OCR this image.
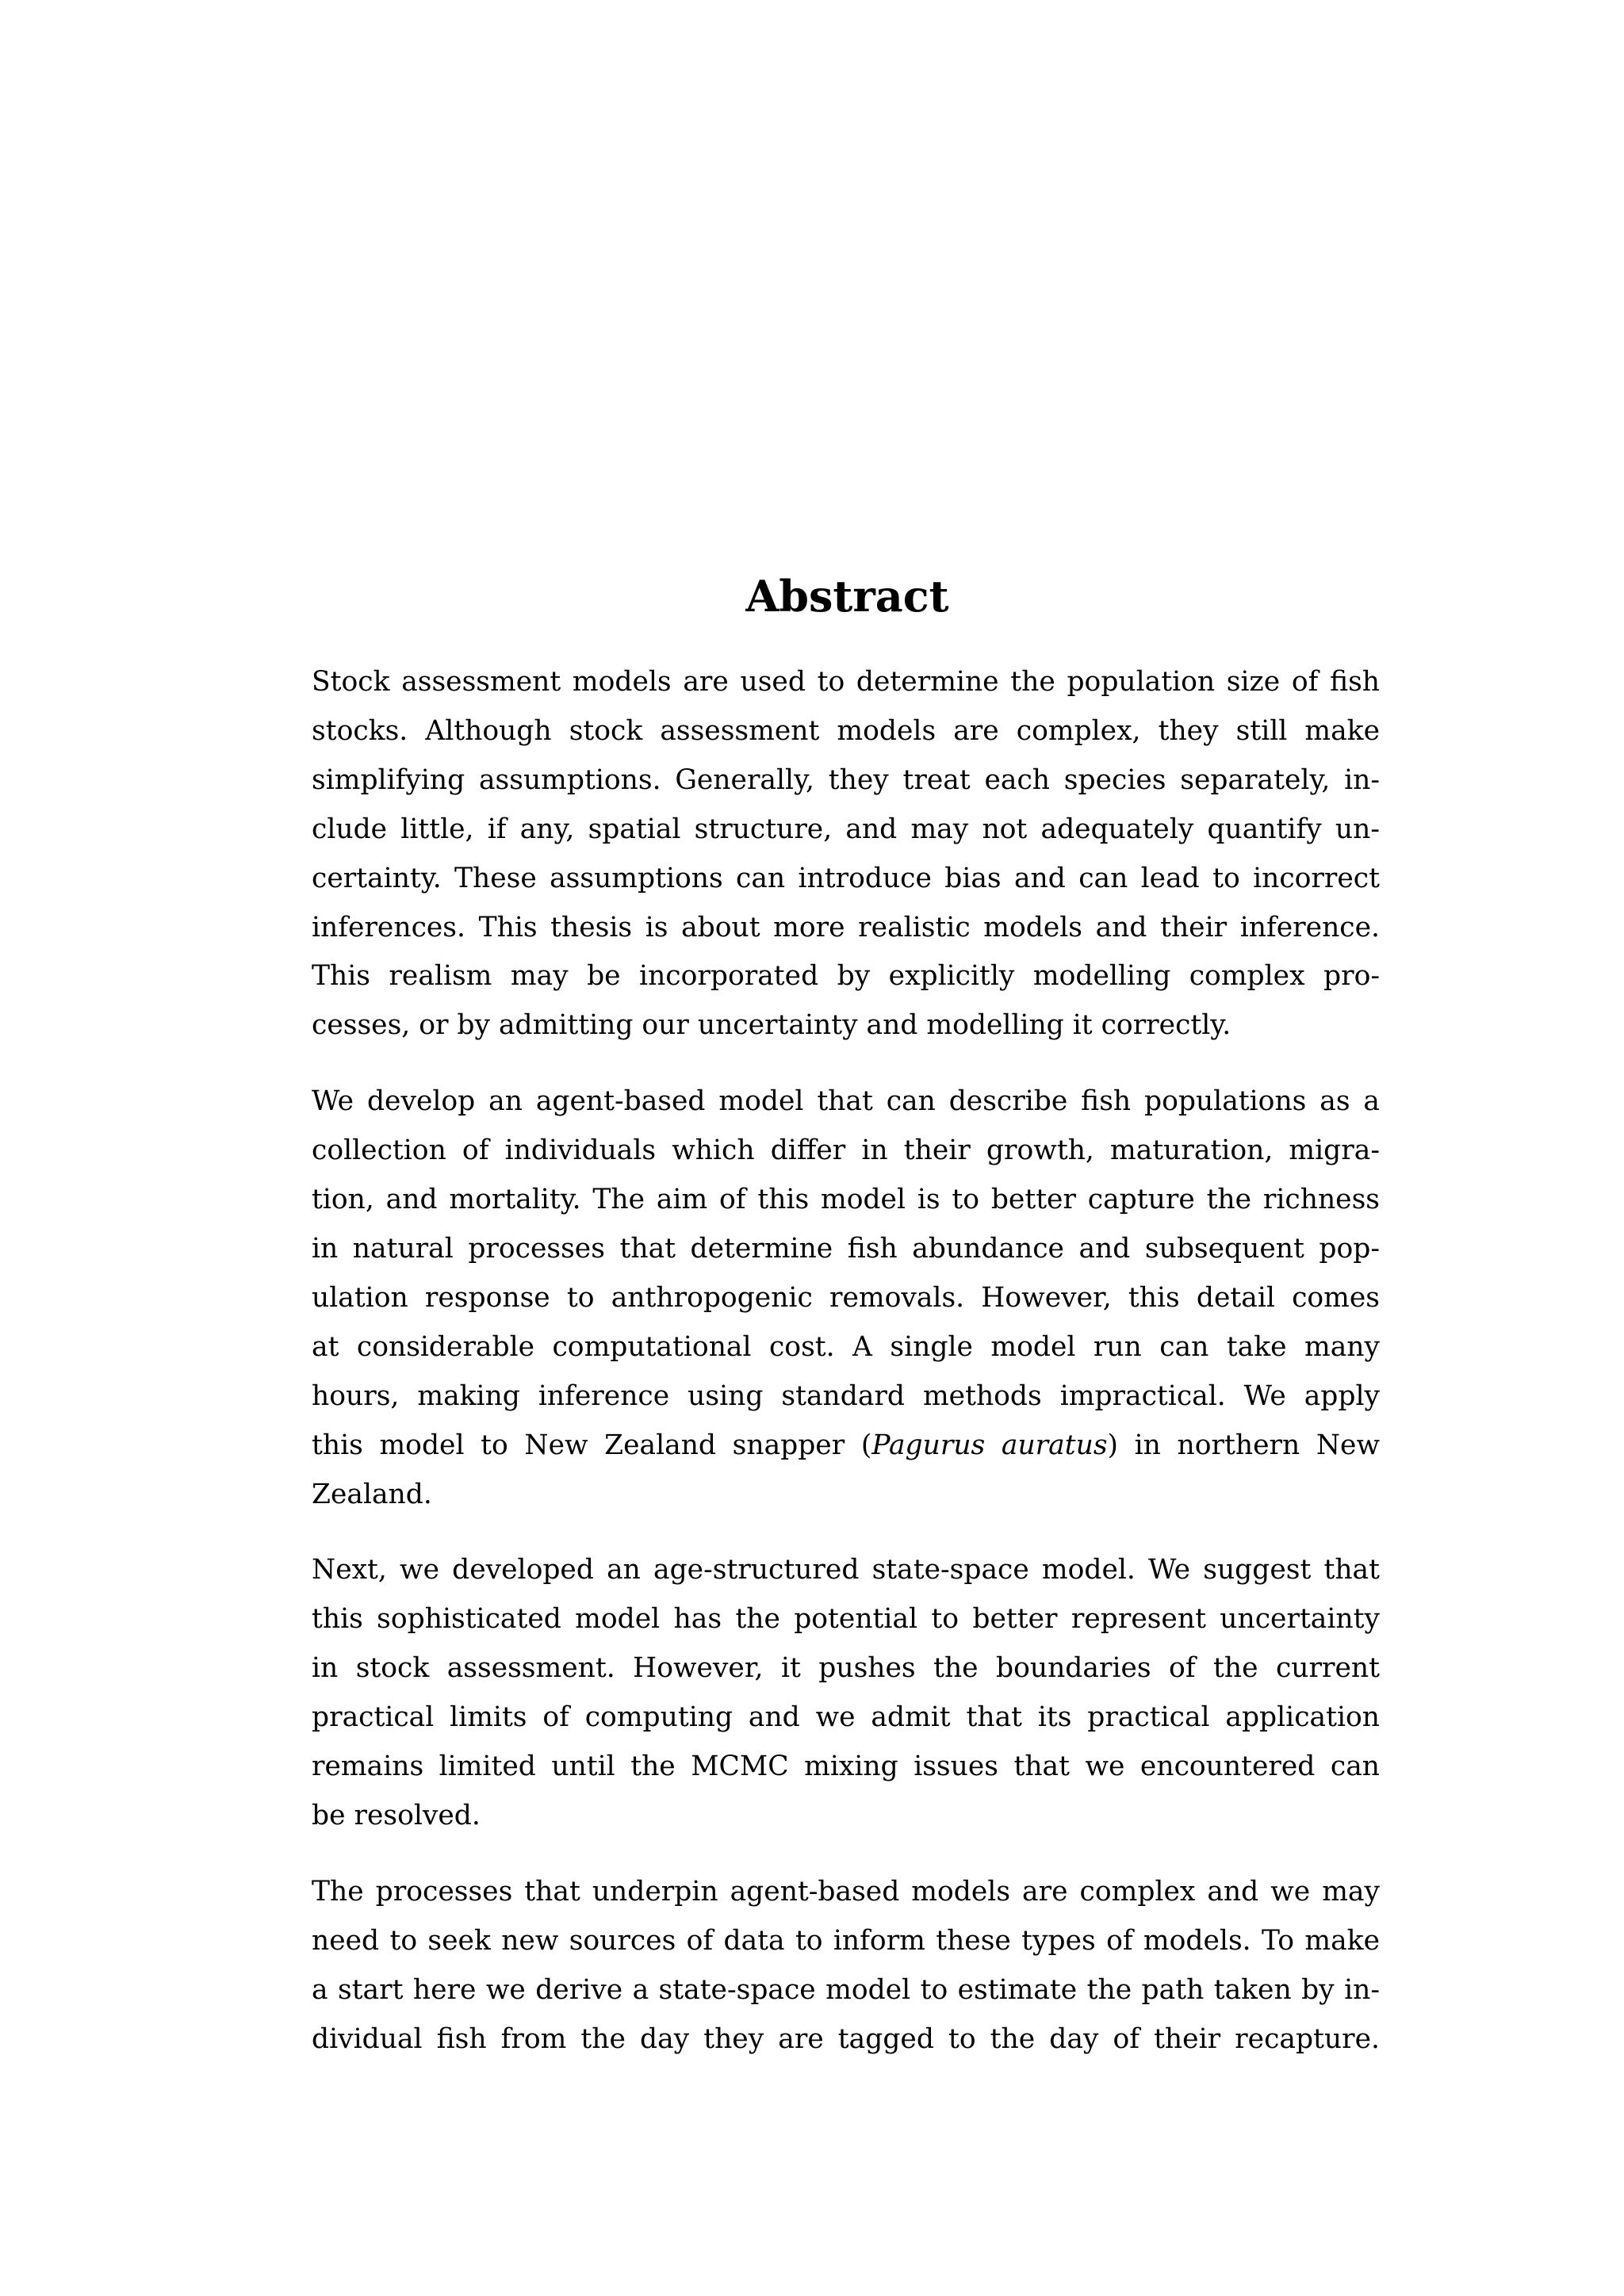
Abstract

Stock assessment models are used to determine the population size of fish
stocks. Although stock assessment models are complex, they still make
simplifying assumptions. Generally, they treat each species separately, in-
clude little, if any, spatial structure, and may not adequately quantify un-
certainty. These assumptions can introduce bias and can lead to incorrect
inferences. This thesis is about more realistic models and their inference.
This realism may be incorporated by explicitly modelling complex pro-
cesses, or by admitting our uncertainty and modelling it correctly.

We develop an agent-based model that can describe fish populations as a
collection of individuals which differ in their growth, maturation, migra-
tion, and mortality. The aim of this model is to better capture the richness
in natural processes that determine fish abundance and subsequent pop-
ulation response to anthropogenic removals. However, this detail comes
at considerable computational cost. A single model run can take many
hours, making inference using standard methods impractical. We apply
this model to New Zealand snapper (Pagurus auratus) in northern New
Zealand.

Next, we developed an age-structured state-space model. We suggest that
this sophisticated model has the potential to better represent uncertainty
in stock assessment. However, it pushes the boundaries of the current
practical limits of computing and we admit that its practical application
remains limited until the MCMC mixing issues that we encountered can
be resolved.

The processes that underpin agent-based models are complex and we may
need to seek new sources of data to inform these types of models. To make
a start here we derive a state-space model to estimate the path taken by in-
dividual fish from the day they are tagged to the day of their recapture.
